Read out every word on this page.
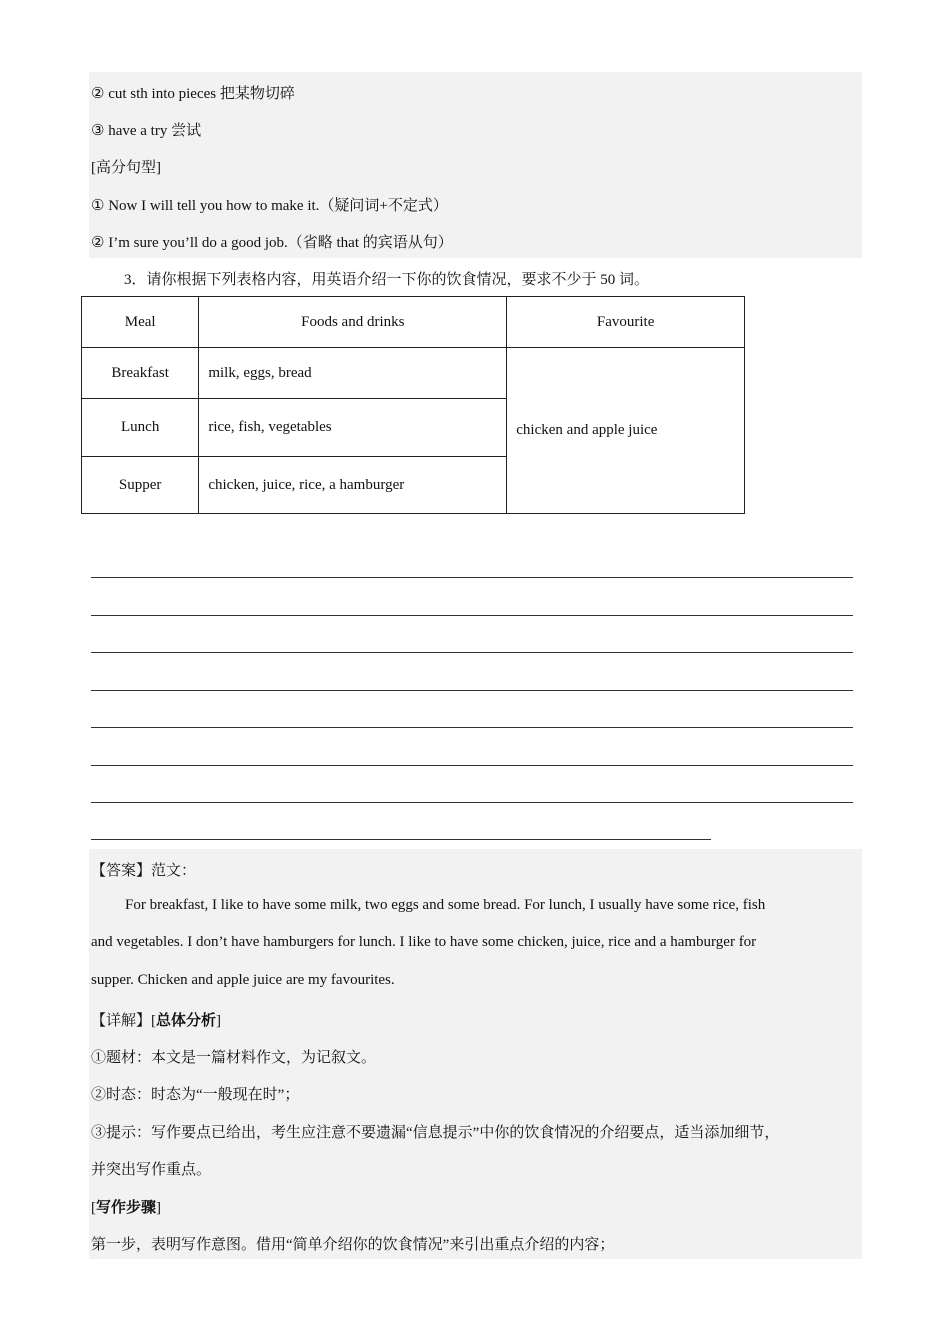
② cut sth into pieces 把某物切碎
③ have a try 尝试
[高分句型]
① Now I will tell you how to make it.（疑问词+不定式）
② I’m sure you’ll do a good job.（省略 that 的宾语从句）
3．请你根据下列表格内容，用英语介绍一下你的饮食情况，要求不少于 50 词。
Meal	Foods and drinks	Favourite
Breakfast	milk, eggs, bread	chicken and apple juice
Lunch	rice, fish, vegetables	
Supper	chicken, juice, rice, a hamburger	
【答案】范文：
For breakfast, I like to have some milk, two eggs and some bread. For lunch, I usually have some rice, fish
and vegetables. I don’t have hamburgers for lunch. I like to have some chicken, juice, rice and a hamburger for
supper. Chicken and apple juice are my favourites.
【详解】[总体分析]
①题材：本文是一篇材料作文，为记叙文。
②时态：时态为“一般现在时”；
③提示：写作要点已给出，考生应注意不要遗漏“信息提示”中你的饮食情况的介绍要点，适当添加细节，
并突出写作重点。
[写作步骤]
第一步，表明写作意图。借用“简单介绍你的饮食情况”来引出重点介绍的内容；
